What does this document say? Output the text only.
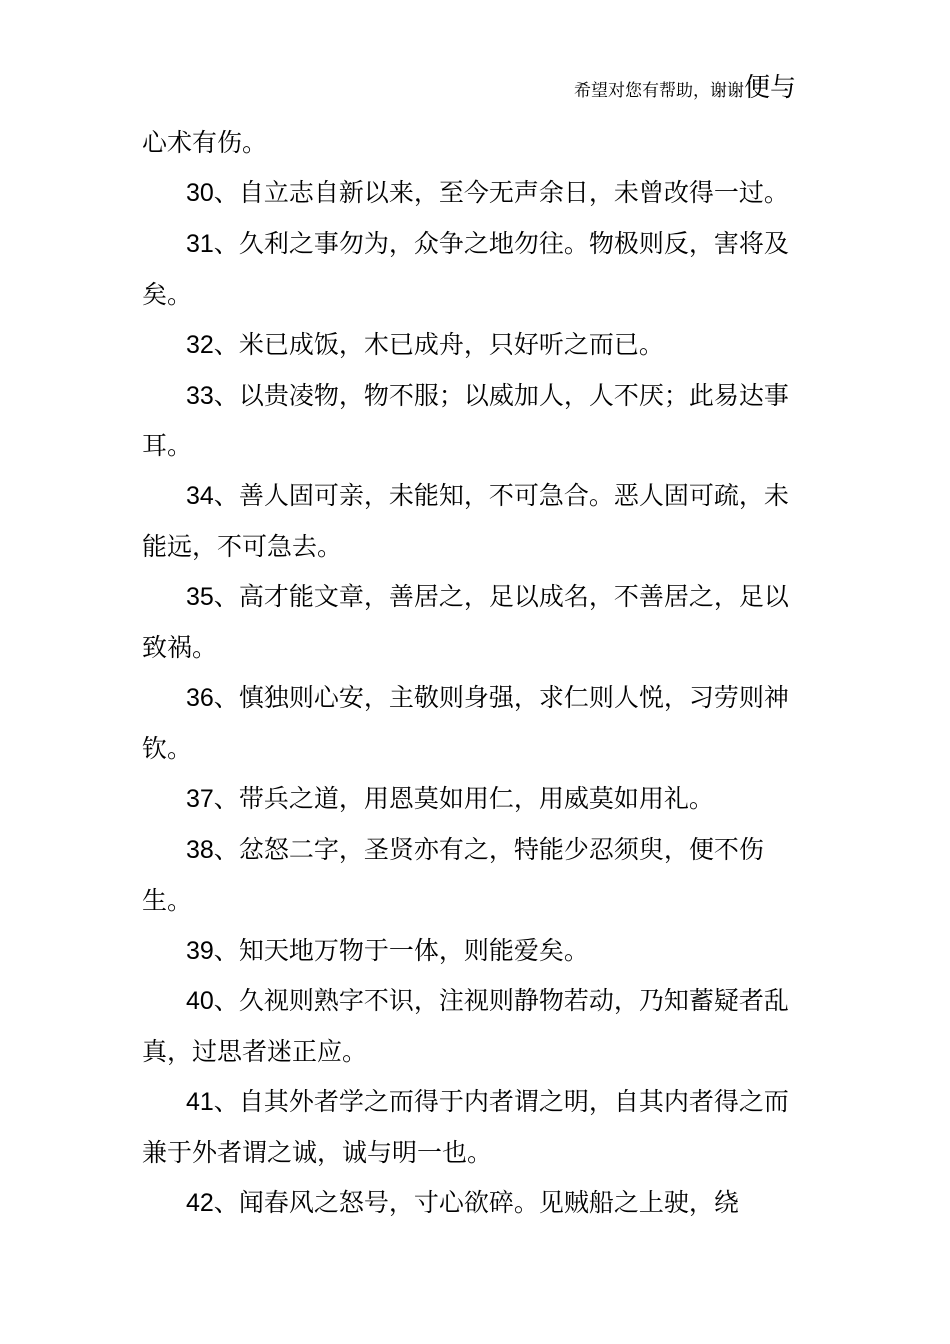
希望对您有帮助，谢谢 便与

心术有伤。

30、自立志自新以来，至今无声余日，未曾改得一过。

31、久利之事勿为，众争之地勿往。物极则反，害将及矣。

32、米已成饭，木已成舟，只好听之而已。

33、以贵凌物，物不服；以威加人，人不厌；此易达事耳。

34、善人固可亲，未能知，不可急合。恶人固可疏，未能远，不可急去。

35、高才能文章，善居之，足以成名，不善居之，足以致祸。

36、慎独则心安，主敬则身强，求仁则人悦，习劳则神钦。

37、带兵之道，用恩莫如用仁，用威莫如用礼。

38、忿怒二字，圣贤亦有之，特能少忍须臾，便不伤生。

39、知天地万物于一体，则能爱矣。

40、久视则熟字不识，注视则静物若动，乃知蓄疑者乱真，过思者迷正应。

41、自其外者学之而得于内者谓之明，自其内者得之而兼于外者谓之诚，诚与明一也。

42、闻春风之怒号，寸心欲碎。见贼船之上驶，绕
